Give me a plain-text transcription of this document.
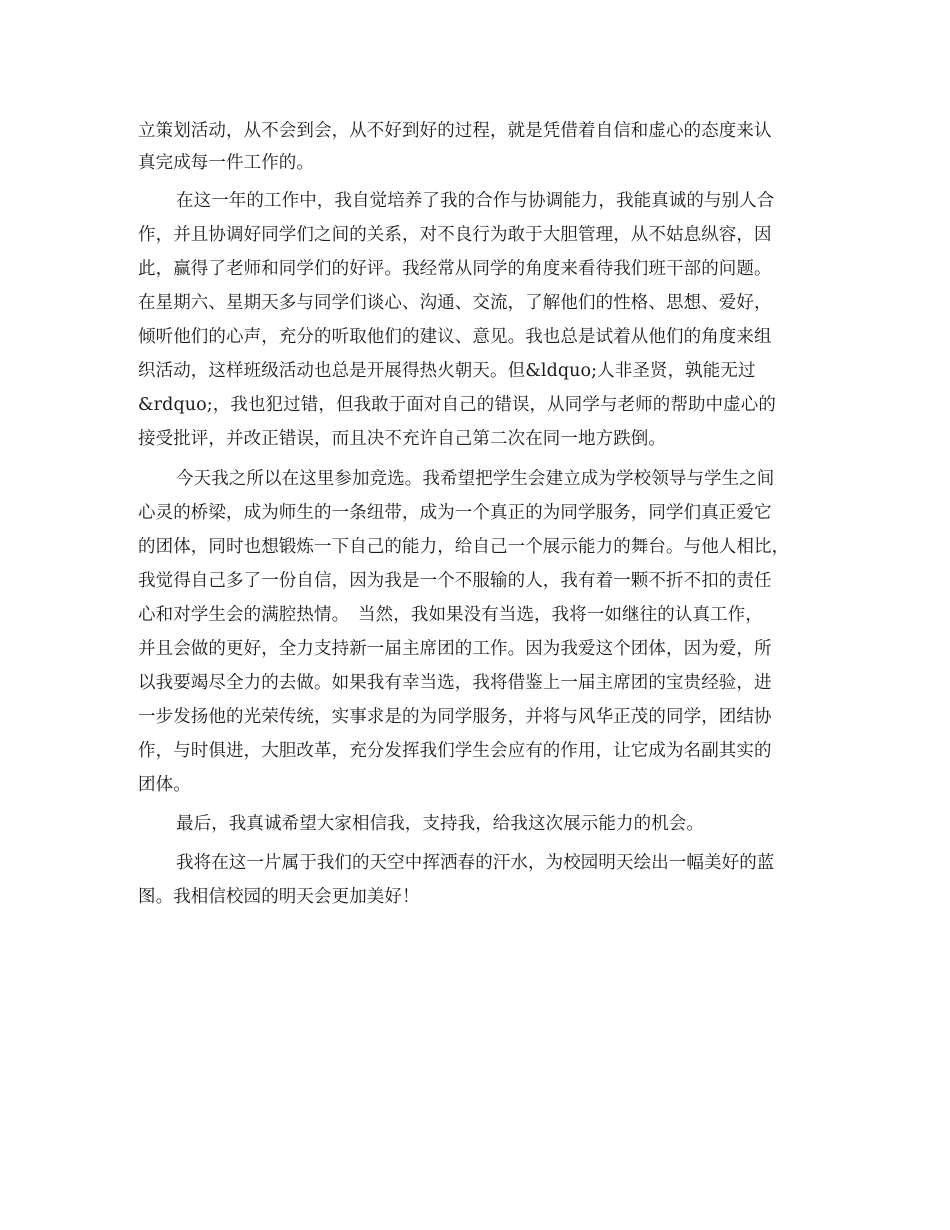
立策划活动，从不会到会，从不好到好的过程，就是凭借着自信和虚心的态度来认
真完成每一件工作的。
在这一年的工作中，我自觉培养了我的合作与协调能力，我能真诚的与别人合
作，并且协调好同学们之间的关系，对不良行为敢于大胆管理，从不姑息纵容，因
此，赢得了老师和同学们的好评。我经常从同学的角度来看待我们班干部的问题。
在星期六、星期天多与同学们谈心、沟通、交流，了解他们的性格、思想、爱好，
倾听他们的心声，充分的听取他们的建议、意见。我也总是试着从他们的角度来组
织活动，这样班级活动也总是开展得热火朝天。但&ldquo;人非圣贤，孰能无过
&rdquo;，我也犯过错，但我敢于面对自己的错误，从同学与老师的帮助中虚心的
接受批评，并改正错误，而且决不充许自己第二次在同一地方跌倒。
今天我之所以在这里参加竞选。我希望把学生会建立成为学校领导与学生之间
心灵的桥梁，成为师生的一条纽带，成为一个真正的为同学服务，同学们真正爱它
的团体，同时也想锻炼一下自己的能力，给自己一个展示能力的舞台。与他人相比，
我觉得自己多了一份自信，因为我是一个不服输的人，我有着一颗不折不扣的责任
心和对学生会的满腔热情。　当然，我如果没有当选，我将一如继往的认真工作，
并且会做的更好，全力支持新一届主席团的工作。因为我爱这个团体，因为爱，所
以我要竭尽全力的去做。如果我有幸当选，我将借鉴上一届主席团的宝贵经验，进
一步发扬他的光荣传统，实事求是的为同学服务，并将与风华正茂的同学，团结协
作，与时俱进，大胆改革，充分发挥我们学生会应有的作用，让它成为名副其实的
团体。
最后，我真诚希望大家相信我，支持我，给我这次展示能力的机会。
我将在这一片属于我们的天空中挥洒春的汗水，为校园明天绘出一幅美好的蓝
图。我相信校园的明天会更加美好！
